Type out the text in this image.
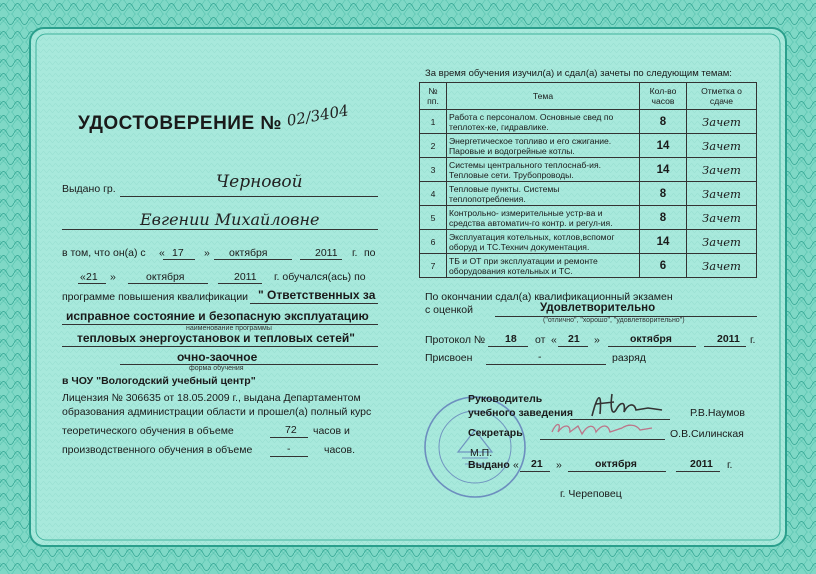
УДОСТОВЕРЕНИЕ № 02/3404
Выдано гр.	Черновой
Евгении Михайловне
в том, что он(а) с « 17 » октября	2011 г. по
« 21 »	октября	2011 г. обучался(ась) по
программе повышения квалификации " Ответственных за
исправное состояние и безопасную эксплуатацию
наименование программы
тепловых энергоустановок и тепловых сетей"
очно-заочное
форма обучения
в ЧОУ "Вологодский учебный центр"
Лицензия № 306635 от 18.05.2009 г., выдана Департаментом
образования администрации области и прошел(а) полный курс
теоретического обучения в объеме	72 часов и
производственного обучения в объеме	-	часов.
За время обучения изучил(а) и сдал(а) зачеты по следующим темам:
№ пп.	Тема	Кол-во часов	Отметка о сдаче
1	Работа с персоналом. Основные свед по теплотех-ке, гидравлике.	8	Зачет
2	Энергетическое топливо и его сжигание. Паровые и водогрейные котлы.	14	Зачет
3	Системы центрального теплоснаб-ия. Тепловые сети. Трубопроводы.	14	Зачет
4	Тепловые пункты. Системы теплопотребления.	8	Зачет
5	Контрольно- измерительные устр-ва и средства автоматич-го контр. и регул-ия.	8	Зачет
6	Эксплуатация котельных, котлов,вспомог оборуд и ТС.Технич документация.	14	Зачет
7	ТБ и ОТ при эксплуатации и ремонте оборудования котельных и ТС.	6	Зачет
По окончании сдал(а) квалификационный экзамен
с оценкой	Удовлетворительно
("отлично", "хорошо", "удовлетворительно")
Протокол № 18 от « 21 »	октября	2011 г.
Присвоен	-	разряд
Руководитель
учебного заведения	Р.В.Наумов
Секретарь	О.В.Силинская
М.П.
Выдано « 21 »	октября	2011 г.
г. Череповец
